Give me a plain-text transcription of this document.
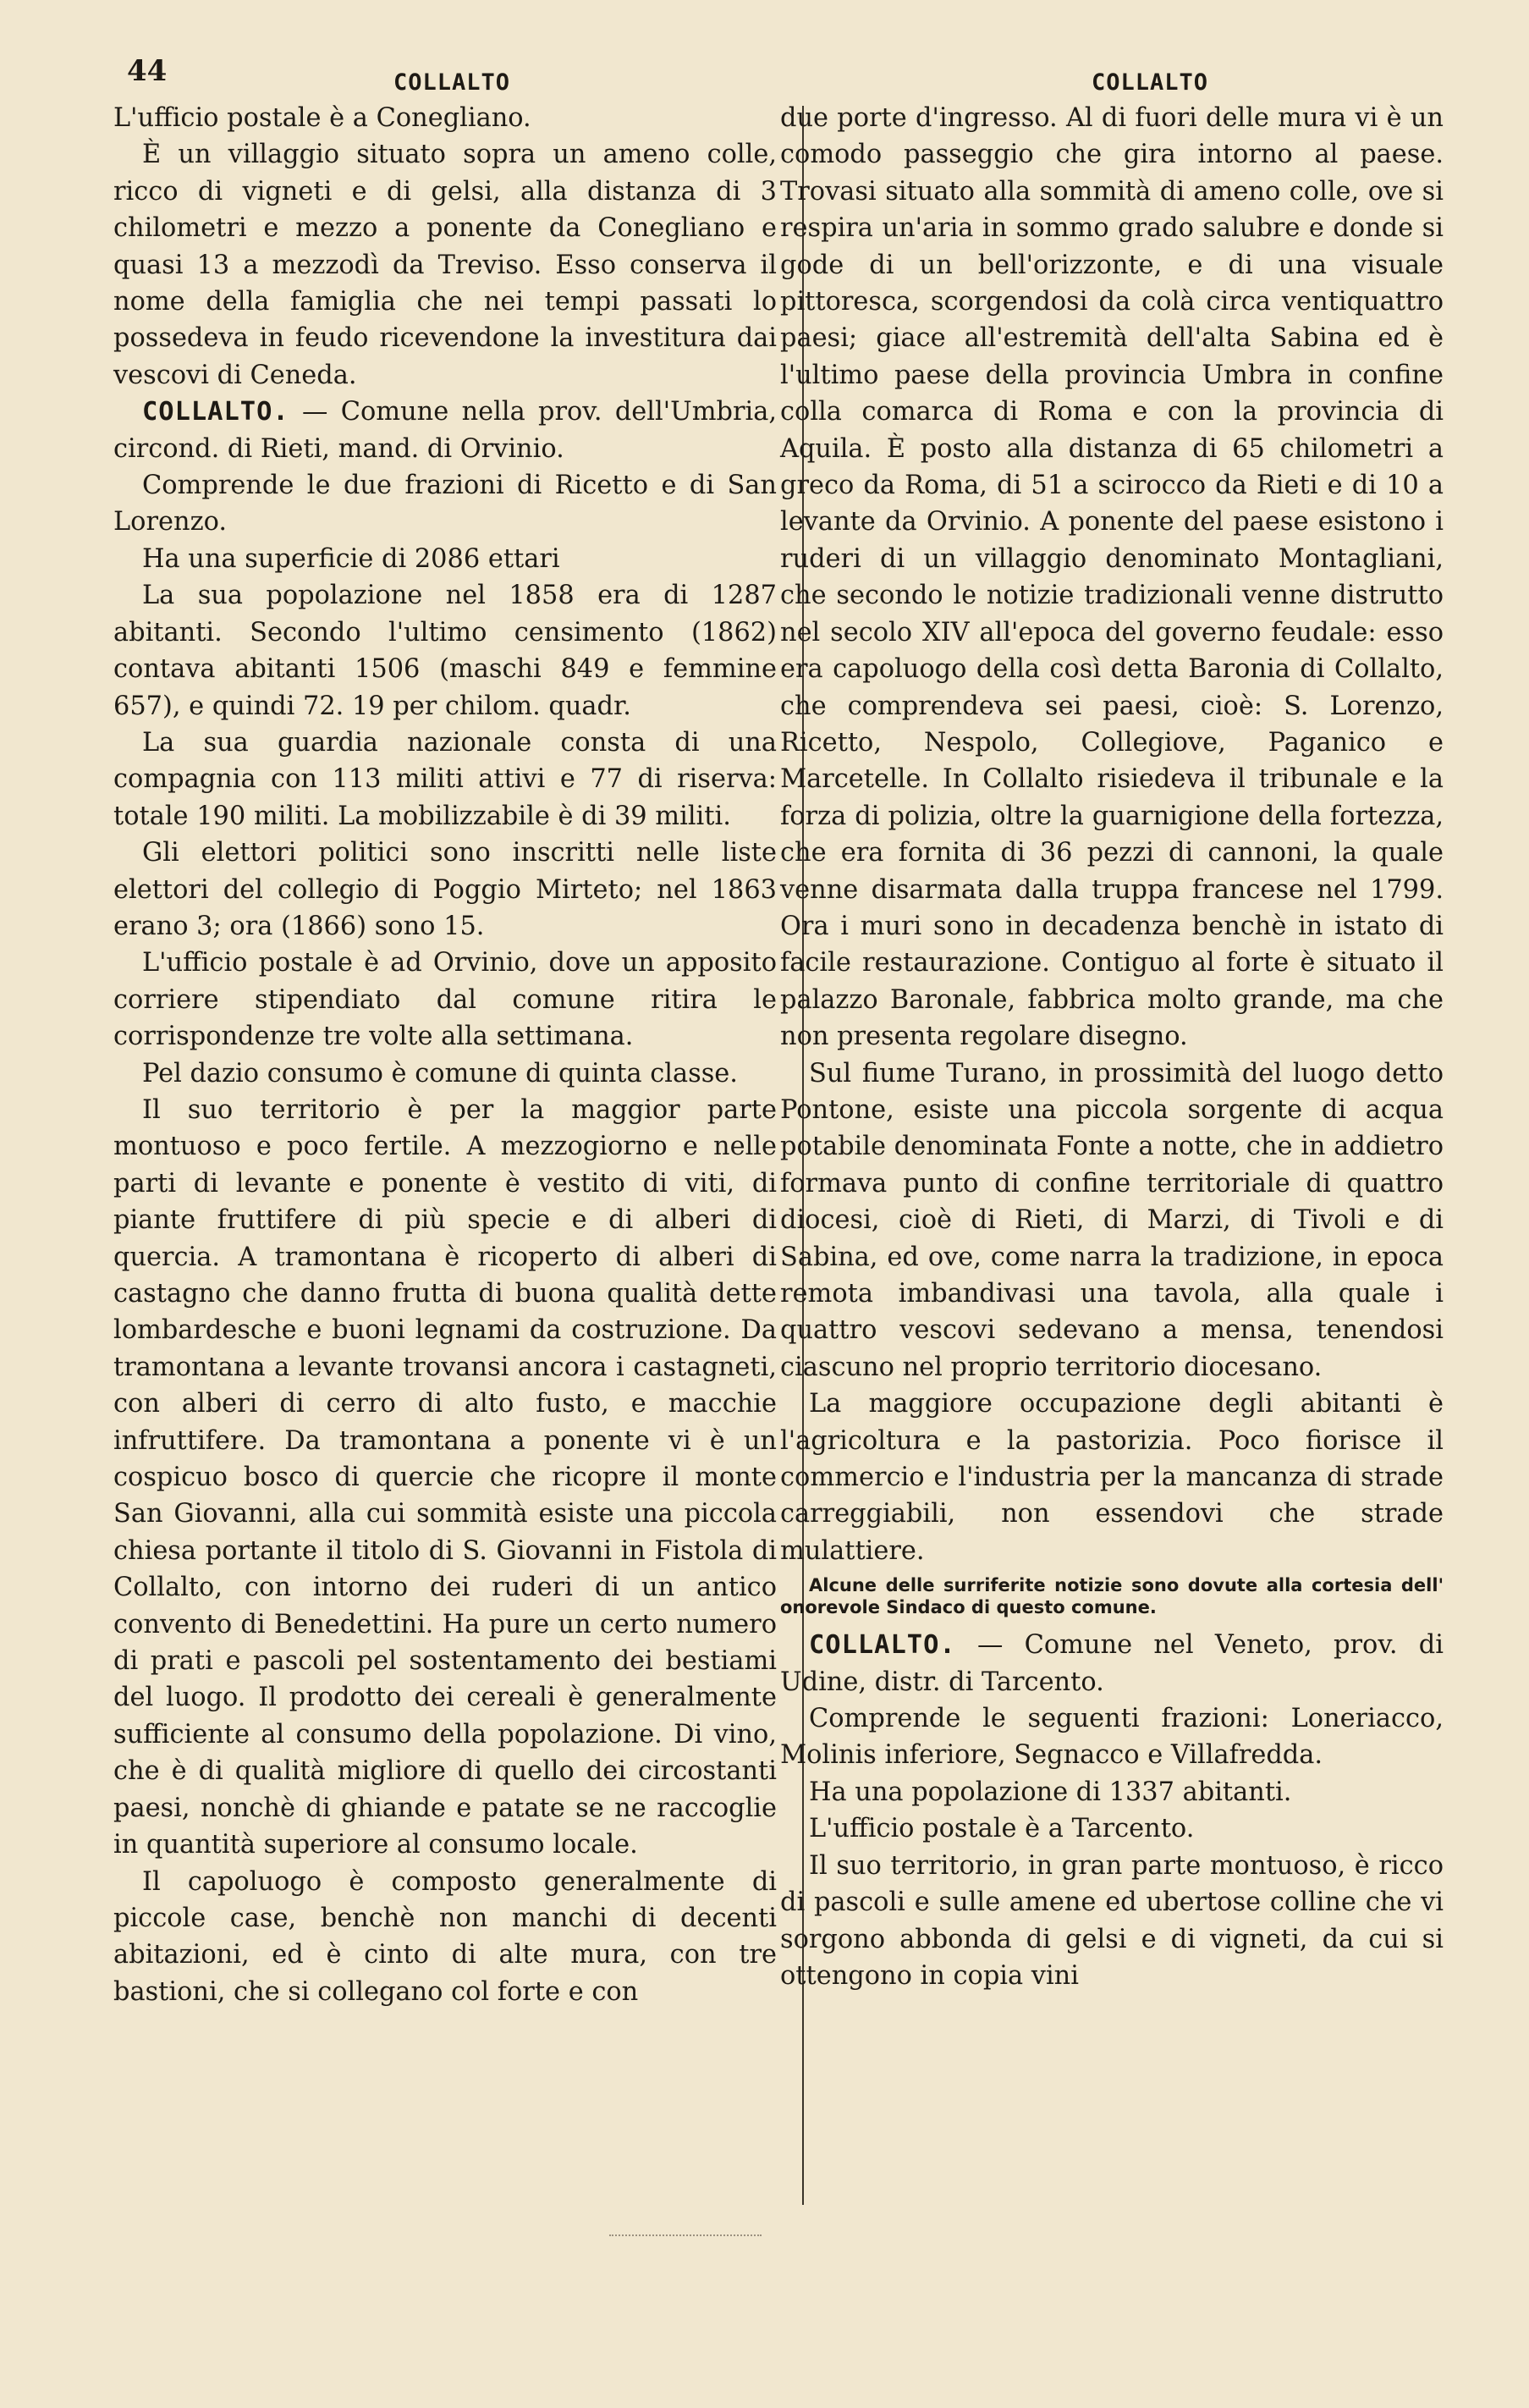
44	COLLALTO	COLLALTO

L'ufficio postale è a Conegliano.

È un villaggio situato sopra un ameno colle, ricco di vigneti e di gelsi, alla distanza di 3 chilometri e mezzo a ponente da Conegliano e quasi 13 a mezzodì da Treviso. Esso conserva il nome della famiglia che nei tempi passati lo possedeva in feudo ricevendone la investitura dai vescovi di Ceneda.

COLLALTO. — Comune nella prov. dell'Umbria, circond. di Rieti, mand. di Orvinio.

Comprende le due frazioni di Ricetto e di San Lorenzo.

Ha una superficie di 2086 ettari

La sua popolazione nel 1858 era di 1287 abitanti. Secondo l'ultimo censimento (1862) contava abitanti 1506 (maschi 849 e femmine 657), e quindi 72. 19 per chilom. quadr.

La sua guardia nazionale consta di una compagnia con 113 militi attivi e 77 di riserva: totale 190 militi. La mobilizzabile è di 39 militi.

Gli elettori politici sono inscritti nelle liste elettori del collegio di Poggio Mirteto; nel 1863 erano 3; ora (1866) sono 15.

L'ufficio postale è ad Orvinio, dove un apposito corriere stipendiato dal comune ritira le corrispondenze tre volte alla settimana.

Pel dazio consumo è comune di quinta classe.

Il suo territorio è per la maggior parte montuoso e poco fertile. A mezzogiorno e nelle parti di levante e ponente è vestito di viti, di piante fruttifere di più specie e di alberi di quercia. A tramontana è ricoperto di alberi di castagno che danno frutta di buona qualità dette lombardesche e buoni legnami da costruzione. Da tramontana a levante trovansi ancora i castagneti, con alberi di cerro di alto fusto, e macchie infruttifere. Da tramontana a ponente vi è un cospicuo bosco di quercie che ricopre il monte San Giovanni, alla cui sommità esiste una piccola chiesa portante il titolo di S. Giovanni in Fistola di Collalto, con intorno dei ruderi di un antico convento di Benedettini. Ha pure un certo numero di prati e pascoli pel sostentamento dei bestiami del luogo. Il prodotto dei cereali è generalmente sufficiente al consumo della popolazione. Di vino, che è di qualità migliore di quello dei circostanti paesi, nonchè di ghiande e patate se ne raccoglie in quantità superiore al consumo locale.

Il capoluogo è composto generalmente di piccole case, benchè non manchi di decenti abitazioni, ed è cinto di alte mura, con tre bastioni, che si collegano col forte e con

due porte d'ingresso. Al di fuori delle mura vi è un comodo passeggio che gira intorno al paese. Trovasi situato alla sommità di ameno colle, ove si respira un'aria in sommo grado salubre e donde si gode di un bell'orizzonte, e di una visuale pittoresca, scorgendosi da colà circa ventiquattro paesi; giace all'estremità dell'alta Sabina ed è l'ultimo paese della provincia Umbra in confine colla comarca di Roma e con la provincia di Aquila. È posto alla distanza di 65 chilometri a greco da Roma, di 51 a scirocco da Rieti e di 10 a levante da Orvinio. A ponente del paese esistono i ruderi di un villaggio denominato Montagliani, che secondo le notizie tradizionali venne distrutto nel secolo XIV all'epoca del governo feudale: esso era capoluogo della così detta Baronia di Collalto, che comprendeva sei paesi, cioè: S. Lorenzo, Ricetto, Nespolo, Collegiove, Paganico e Marcetelle. In Collalto risiedeva il tribunale e la forza di polizia, oltre la guarnigione della fortezza, che era fornita di 36 pezzi di cannoni, la quale venne disarmata dalla truppa francese nel 1799. Ora i muri sono in decadenza benchè in istato di facile restaurazione. Contiguo al forte è situato il palazzo Baronale, fabbrica molto grande, ma che non presenta regolare disegno.

Sul fiume Turano, in prossimità del luogo detto Pontone, esiste una piccola sorgente di acqua potabile denominata Fonte a notte, che in addietro formava punto di confine territoriale di quattro diocesi, cioè di Rieti, di Marzi, di Tivoli e di Sabina, ed ove, come narra la tradizione, in epoca remota imbandivasi una tavola, alla quale i quattro vescovi sedevano a mensa, tenendosi ciascuno nel proprio territorio diocesano.

La maggiore occupazione degli abitanti è l'agricoltura e la pastorizia. Poco fiorisce il commercio e l'industria per la mancanza di strade carreggiabili, non essendovi che strade mulattiere.

Alcune delle surriferite notizie sono dovute alla cortesia dell' onorevole Sindaco di questo comune.

COLLALTO. — Comune nel Veneto, prov. di Udine, distr. di Tarcento.

Comprende le seguenti frazioni: Loneriacco, Molinis inferiore, Segnacco e Villafredda.

Ha una popolazione di 1337 abitanti.

L'ufficio postale è a Tarcento.

Il suo territorio, in gran parte montuoso, è ricco di pascoli e sulle amene ed ubertose colline che vi sorgono abbonda di gelsi e di vigneti, da cui si ottengono in copia vini
